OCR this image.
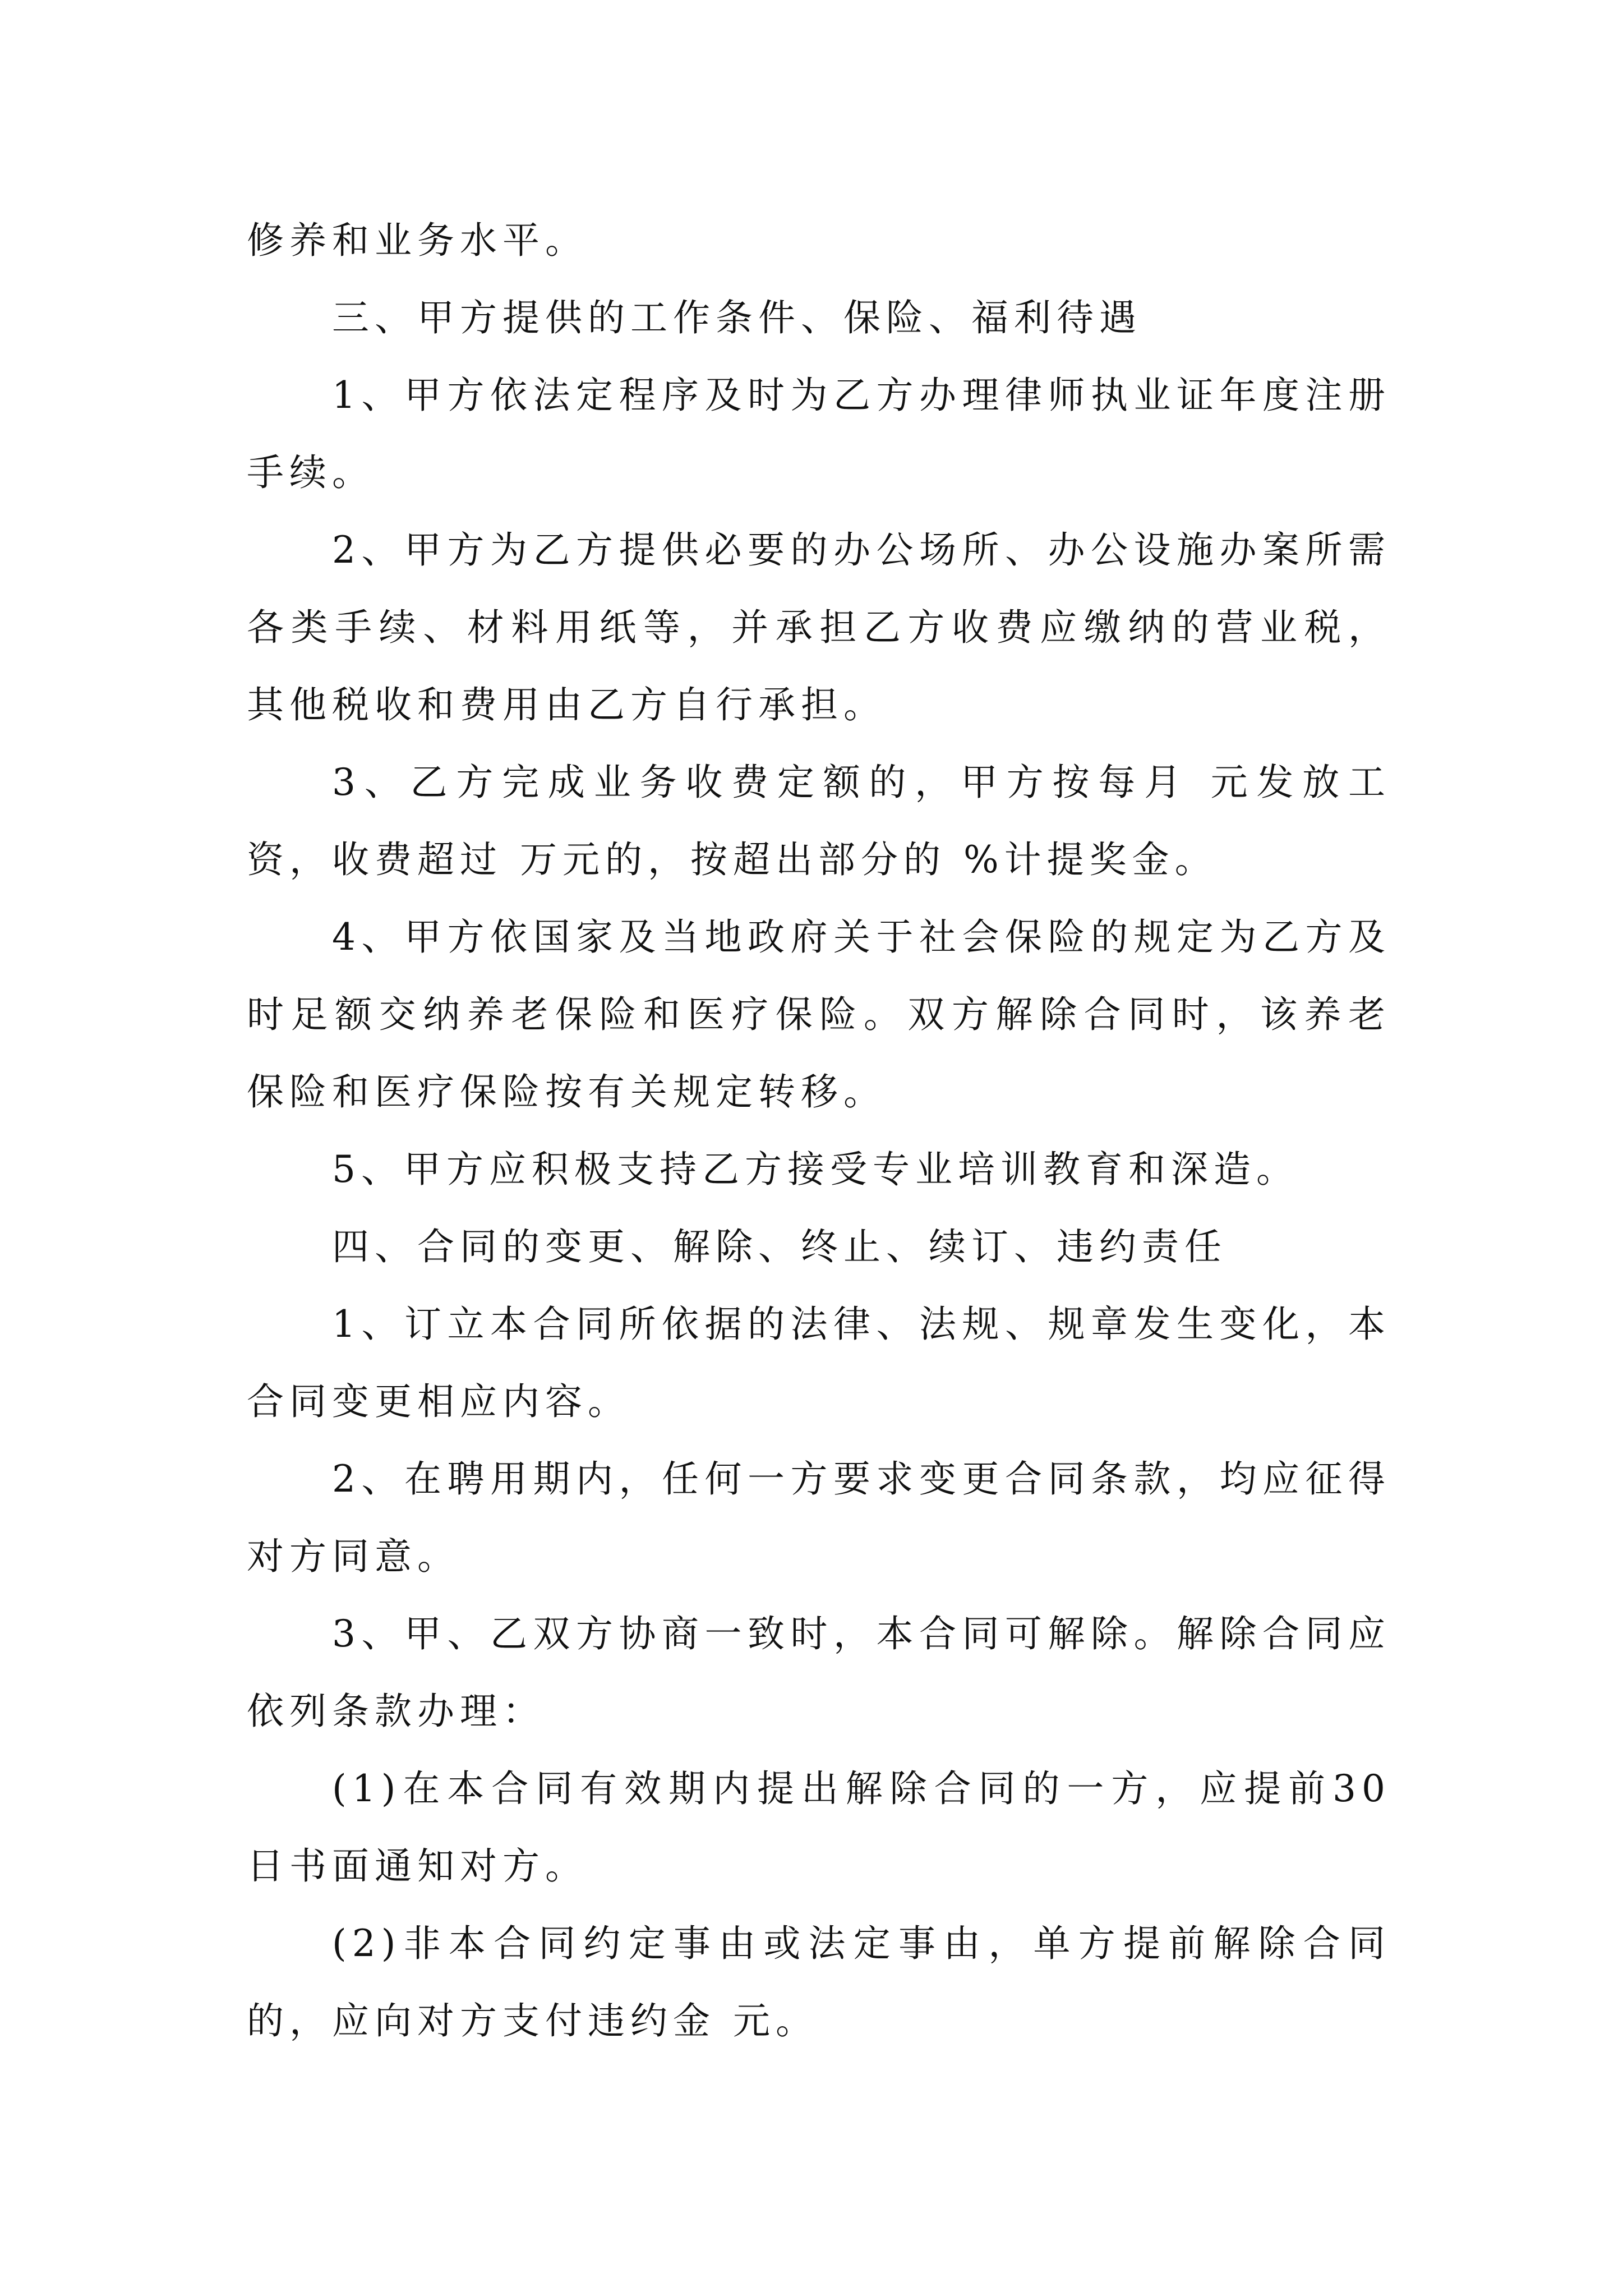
修养和业务水平。

三、甲方提供的工作条件、保险、福利待遇

1、甲方依法定程序及时为乙方办理律师执业证年度注册手续。

2、甲方为乙方提供必要的办公场所、办公设施办案所需各类手续、材料用纸等，并承担乙方收费应缴纳的营业税，其他税收和费用由乙方自行承担。

3、乙方完成业务收费定额的，甲方按每月 元发放工资，收费超过 万元的，按超出部分的 %计提奖金。

4、甲方依国家及当地政府关于社会保险的规定为乙方及时足额交纳养老保险和医疗保险。双方解除合同时，该养老保险和医疗保险按有关规定转移。

5、甲方应积极支持乙方接受专业培训教育和深造。

四、合同的变更、解除、终止、续订、违约责任

1、订立本合同所依据的法律、法规、规章发生变化，本合同变更相应内容。

2、在聘用期内，任何一方要求变更合同条款，均应征得对方同意。

3、甲、乙双方协商一致时，本合同可解除。解除合同应依列条款办理：

(1)在本合同有效期内提出解除合同的一方，应提前30日书面通知对方。

(2)非本合同约定事由或法定事由，单方提前解除合同的，应向对方支付违约金 元。
